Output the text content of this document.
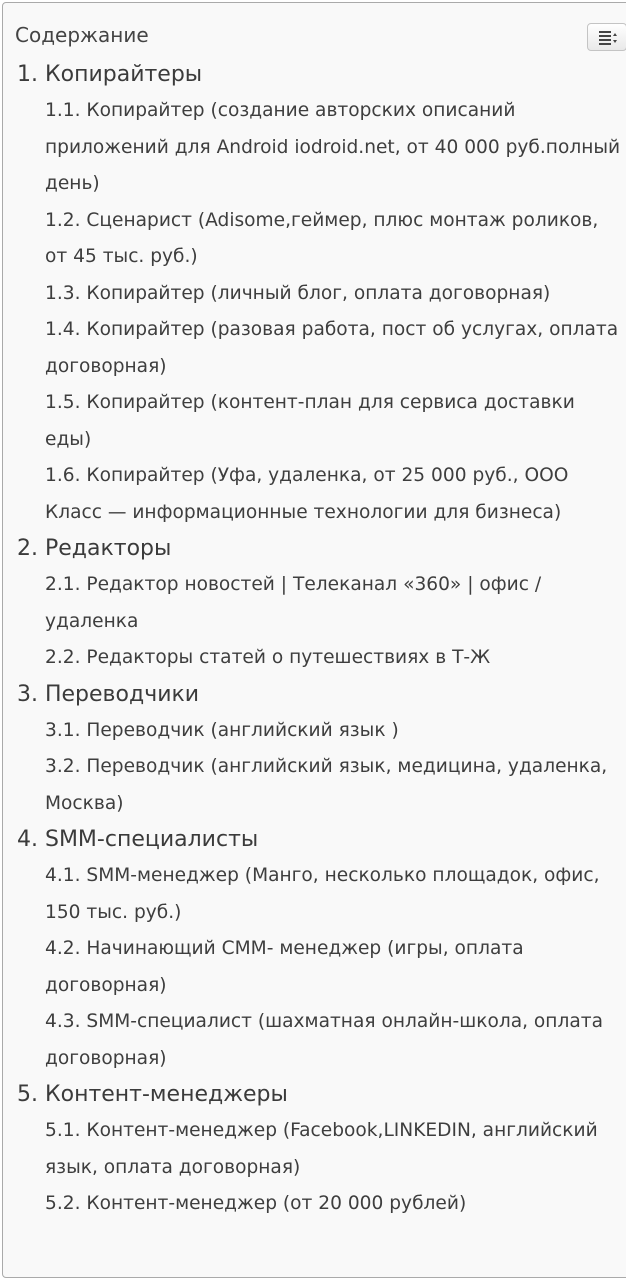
Содержание
1. Копирайтеры
1.1. Копирайтер (создание авторских описаний приложений для Android iodroid.net, от 40 000 руб.полный день)
1.2. Сценарист (Adisome,геймер, плюс монтаж роликов, от 45 тыс. руб.)
1.3. Копирайтер (личный блог, оплата договорная)
1.4. Копирайтер (разовая работа, пост об услугах, оплата договорная)
1.5. Копирайтер (контент-план для сервиса доставки еды)
1.6. Копирайтер (Уфа, удаленка, от 25 000 руб., ООО Класс — информационные технологии для бизнеса)
2. Редакторы
2.1. Редактор новостей | Телеканал «360» | офис / удаленка
2.2. Редакторы статей о путешествиях в Т-Ж
3. Переводчики
3.1. Переводчик (английский язык )
3.2. Переводчик (английский язык, медицина, удаленка, Москва)
4. SMM-специалисты
4.1. SMM-менеджер (Манго, несколько площадок, офис, 150 тыс. руб.)
4.2. Начинающий СММ- менеджер (игры, оплата договорная)
4.3. SMM-специалист (шахматная онлайн-школа, оплата договорная)
5. Контент-менеджеры
5.1. Контент-менеджер (Facebook,LINKEDIN, английский язык, оплата договорная)
5.2. Контент-менеджер (от 20 000 рублей)
